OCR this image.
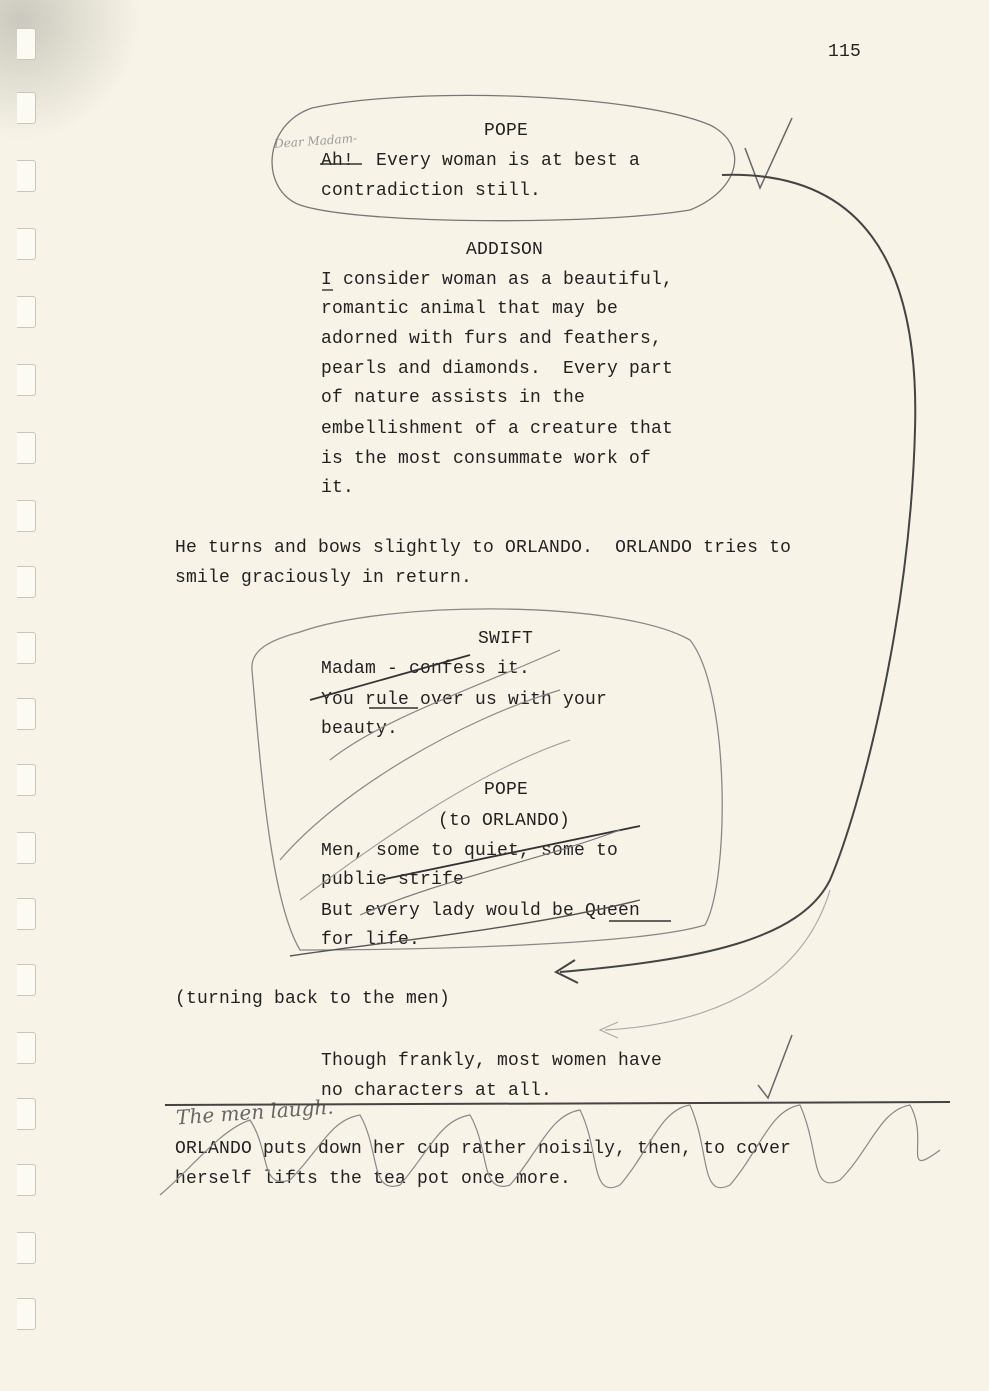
115
POPE
Ah!  Every woman is at best a
contradiction still.
ADDISON
I consider woman as a beautiful,
romantic animal that may be
adorned with furs and feathers,
pearls and diamonds.  Every part
of nature assists in the
embellishment of a creature that
is the most consummate work of
it.
He turns and bows slightly to ORLANDO.  ORLANDO tries to
smile graciously in return.
SWIFT
Madam - confess it.
You rule over us with your
beauty.
POPE
(to ORLANDO)
Men, some to quiet, some to
public strife
But every lady would be Queen
for life.
(turning back to the men)
Though frankly, most women have
no characters at all.
ORLANDO puts down her cup rather noisily, then, to cover
herself lifts the tea pot once more.
Dear Madam-
The men laugh.
